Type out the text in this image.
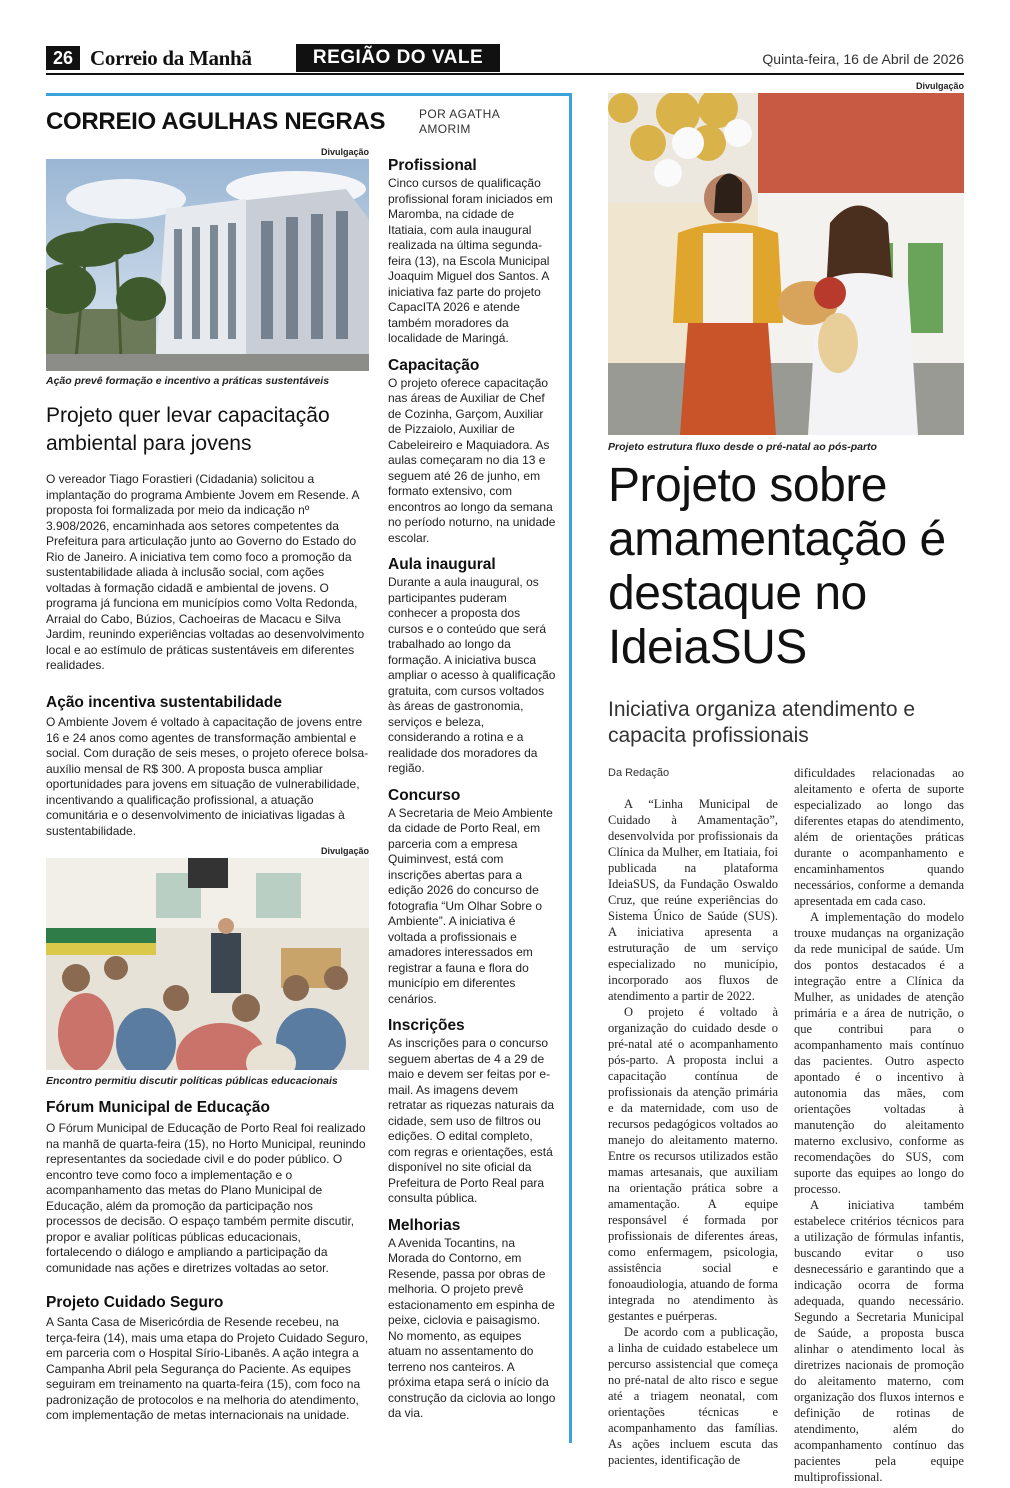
26 Correio da Manhã	REGIÃO DO VALE	Quinta-feira, 16 de Abril de 2026
CORREIO AGULHAS NEGRAS	POR AGATHA AMORIM
Divulgação
Ação prevê formação e incentivo a práticas sustentáveis
Projeto quer levar capacitação ambiental para jovens

O vereador Tiago Forastieri (Cidadania) solicitou a implantação do programa Ambiente Jovem em Resende. A proposta foi formalizada por meio da indicação nº 3.908/2026, encaminhada aos setores competentes da Prefeitura para articulação junto ao Governo do Estado do Rio de Janeiro. A iniciativa tem como foco a promoção da sustentabilidade aliada à inclusão social, com ações voltadas à formação cidadã e ambiental de jovens. O programa já funciona em municípios como Volta Redonda, Arraial do Cabo, Búzios, Cachoeiras de Macacu e Silva Jardim, reunindo experiências voltadas ao desenvolvimento local e ao estímulo de práticas sustentáveis em diferentes realidades.

Ação incentiva sustentabilidade

O Ambiente Jovem é voltado à capacitação de jovens entre 16 e 24 anos como agentes de transformação ambiental e social. Com duração de seis meses, o projeto oferece bolsa-auxílio mensal de R$ 300. A proposta busca ampliar oportunidades para jovens em situação de vulnerabilidade, incentivando a qualificação profissional, a atuação comunitária e o desenvolvimento de iniciativas ligadas à sustentabilidade.

Divulgação
Encontro permitiu discutir políticas públicas educacionais
Fórum Municipal de Educação

O Fórum Municipal de Educação de Porto Real foi realizado na manhã de quarta-feira (15), no Horto Municipal, reunindo representantes da sociedade civil e do poder público. O encontro teve como foco a implementação e o acompanhamento das metas do Plano Municipal de Educação, além da promoção da participação nos processos de decisão. O espaço também permite discutir, propor e avaliar políticas públicas educacionais, fortalecendo o diálogo e ampliando a participação da comunidade nas ações e diretrizes voltadas ao setor.

Projeto Cuidado Seguro

A Santa Casa de Misericórdia de Resende recebeu, na terça-feira (14), mais uma etapa do Projeto Cuidado Seguro, em parceria com o Hospital Sírio-Libanês. A ação integra a Campanha Abril pela Segurança do Paciente. As equipes seguiram em treinamento na quarta-feira (15), com foco na padronização de protocolos e na melhoria do atendimento, com implementação de metas internacionais na unidade.

Profissional

Cinco cursos de qualificação profissional foram iniciados em Maromba, na cidade de Itatiaia, com aula inaugural realizada na última segunda-feira (13), na Escola Municipal Joaquim Miguel dos Santos. A iniciativa faz parte do projeto CapacITA 2026 e atende também moradores da localidade de Maringá.

Capacitação

O projeto oferece capacitação nas áreas de Auxiliar de Chef de Cozinha, Garçom, Auxiliar de Pizzaiolo, Auxiliar de Cabeleireiro e Maquiadora. As aulas começaram no dia 13 e seguem até 26 de junho, em formato extensivo, com encontros ao longo da semana no período noturno, na unidade escolar.

Aula inaugural

Durante a aula inaugural, os participantes puderam conhecer a proposta dos cursos e o conteúdo que será trabalhado ao longo da formação. A iniciativa busca ampliar o acesso à qualificação gratuita, com cursos voltados às áreas de gastronomia, serviços e beleza, considerando a rotina e a realidade dos moradores da região.

Concurso

A Secretaria de Meio Ambiente da cidade de Porto Real, em parceria com a empresa Quiminvest, está com inscrições abertas para a edição 2026 do concurso de fotografia “Um Olhar Sobre o Ambiente”. A iniciativa é voltada a profissionais e amadores interessados em registrar a fauna e flora do município em diferentes cenários.

Inscrições

As inscrições para o concurso seguem abertas de 4 a 29 de maio e devem ser feitas por e-mail. As imagens devem retratar as riquezas naturais da cidade, sem uso de filtros ou edições. O edital completo, com regras e orientações, está disponível no site oficial da Prefeitura de Porto Real para consulta pública.

Melhorias

A Avenida Tocantins, na Morada do Contorno, em Resende, passa por obras de melhoria. O projeto prevê estacionamento em espinha de peixe, ciclovia e paisagismo. No momento, as equipes atuam no assentamento do terreno nos canteiros. A próxima etapa será o início da construção da ciclovia ao longo da via.

Divulgação
Projeto estrutura fluxo desde o pré-natal ao pós-parto
Projeto sobre amamentação é destaque no IdeiaSUS
Iniciativa organiza atendimento e capacita profissionais
Da Redação

A “Linha Municipal de Cuidado à Amamentação”, desenvolvida por profissionais da Clínica da Mulher, em Itatiaia, foi publicada na plataforma IdeiaSUS, da Fundação Oswaldo Cruz, que reúne experiências do Sistema Único de Saúde (SUS). A iniciativa apresenta a estruturação de um serviço especializado no município, incorporado aos fluxos de atendimento a partir de 2022.

O projeto é voltado à organização do cuidado desde o pré-natal até o acompanhamento pós-parto. A proposta inclui a capacitação contínua de profissionais da atenção primária e da maternidade, com uso de recursos pedagógicos voltados ao manejo do aleitamento materno. Entre os recursos utilizados estão mamas artesanais, que auxiliam na orientação prática sobre a amamentação. A equipe responsável é formada por profissionais de diferentes áreas, como enfermagem, psicologia, assistência social e fonoaudiologia, atuando de forma integrada no atendimento às gestantes e puérperas.

De acordo com a publicação, a linha de cuidado estabelece um percurso assistencial que começa no pré-natal de alto risco e segue até a triagem neonatal, com orientações técnicas e acompanhamento das famílias. As ações incluem escuta das pacientes, identificação de

dificuldades relacionadas ao aleitamento e oferta de suporte especializado ao longo das diferentes etapas do atendimento, além de orientações práticas durante o acompanhamento e encaminhamentos quando necessários, conforme a demanda apresentada em cada caso.

A implementação do modelo trouxe mudanças na organização da rede municipal de saúde. Um dos pontos destacados é a integração entre a Clínica da Mulher, as unidades de atenção primária e a área de nutrição, o que contribui para o acompanhamento mais contínuo das pacientes. Outro aspecto apontado é o incentivo à autonomia das mães, com orientações voltadas à manutenção do aleitamento materno exclusivo, conforme as recomendações do SUS, com suporte das equipes ao longo do processo.

A iniciativa também estabelece critérios técnicos para a utilização de fórmulas infantis, buscando evitar o uso desnecessário e garantindo que a indicação ocorra de forma adequada, quando necessário. Segundo a Secretaria Municipal de Saúde, a proposta busca alinhar o atendimento local às diretrizes nacionais de promoção do aleitamento materno, com organização dos fluxos internos e definição de rotinas de atendimento, além do acompanhamento contínuo das pacientes pela equipe multiprofissional.
